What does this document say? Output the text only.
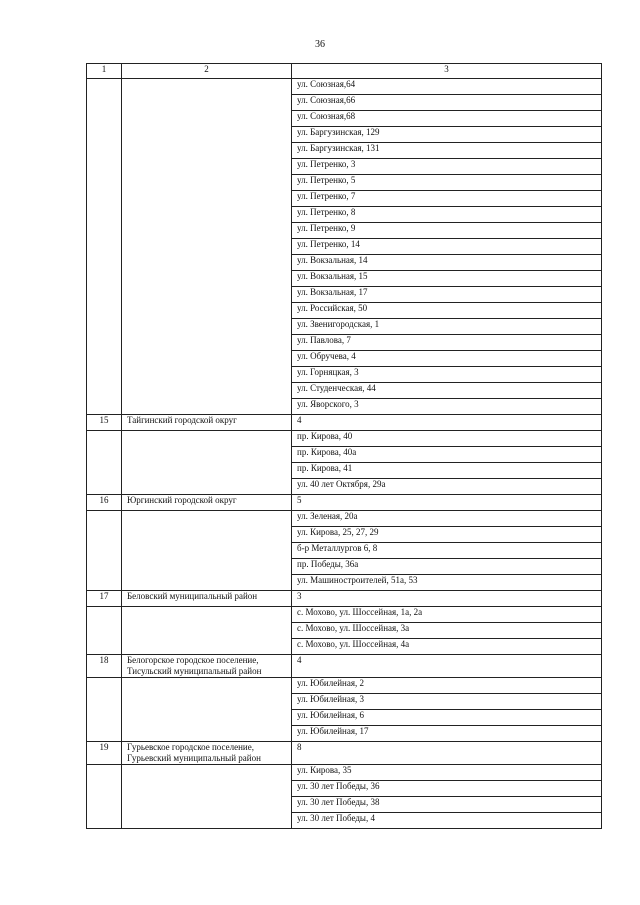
36
1	2	3
		ул. Союзная,64
		ул. Союзная,66
		ул. Союзная,68
		ул. Баргузинская, 129
		ул. Баргузинская, 131
		ул. Петренко, 3
		ул. Петренко, 5
		ул. Петренко, 7
		ул. Петренко, 8
		ул. Петренко, 9
		ул. Петренко, 14
		ул. Вокзальная, 14
		ул. Вокзальная, 15
		ул. Вокзальная, 17
		ул. Российская, 50
		ул. Звенигородская, 1
		ул. Павлова, 7
		ул. Обручева, 4
		ул. Горняцкая, 3
		ул. Студенческая, 44
		ул. Яворского, 3
15	Тайгинский городской округ	4
		пр. Кирова, 40
		пр. Кирова, 40а
		пр. Кирова, 41
		ул. 40 лет Октября, 29а
16	Юргинский городской округ	5
		ул. Зеленая, 20а
		ул. Кирова, 25, 27, 29
		б-р Металлургов 6, 8
		пр. Победы, 36а
		ул. Машиностроителей, 51а, 53
17	Беловский муниципальный район	3
		с. Мохово, ул. Шоссейная, 1а, 2а
		с. Мохово, ул. Шоссейная, 3а
		с. Мохово, ул. Шоссейная, 4а
18	Белогорское городское поселение, Тисульский муниципальный район	4
		ул. Юбилейная, 2
		ул. Юбилейная, 3
		ул. Юбилейная, 6
		ул. Юбилейная, 17
19	Гурьевское городское поселение, Гурьевский муниципальный район	8
		ул. Кирова, 35
		ул. 30 лет Победы, 36
		ул. 30 лет Победы, 38
		ул. 30 лет Победы, 4
